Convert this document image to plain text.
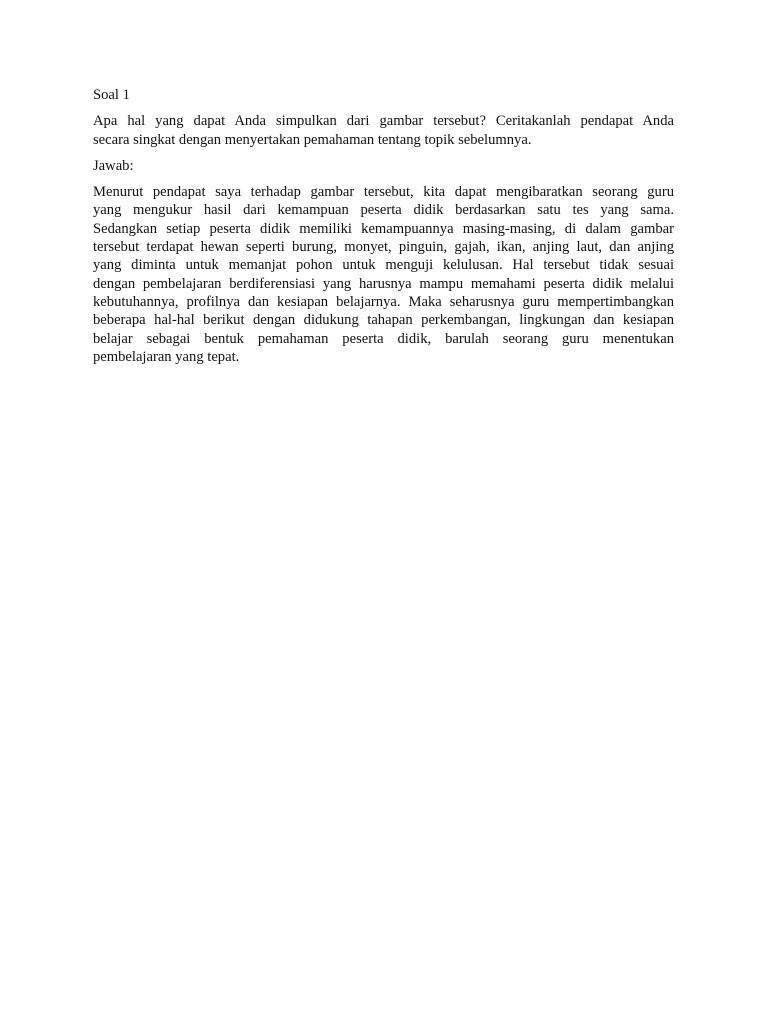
Soal 1

Apa hal yang dapat Anda simpulkan dari gambar tersebut? Ceritakanlah pendapat Anda
secara singkat dengan menyertakan pemahaman tentang topik sebelumnya.

Jawab:

Menurut pendapat saya terhadap gambar tersebut, kita dapat mengibaratkan seorang guru
yang mengukur hasil dari kemampuan peserta didik berdasarkan satu tes yang sama.
Sedangkan setiap peserta didik memiliki kemampuannya masing-masing, di dalam gambar
tersebut terdapat hewan seperti burung, monyet, pinguin, gajah, ikan, anjing laut, dan anjing
yang diminta untuk memanjat pohon untuk menguji kelulusan. Hal tersebut tidak sesuai
dengan pembelajaran berdiferensiasi yang harusnya mampu memahami peserta didik melalui
kebutuhannya, profilnya dan kesiapan belajarnya. Maka seharusnya guru mempertimbangkan
beberapa hal-hal berikut dengan didukung tahapan perkembangan, lingkungan dan kesiapan
belajar sebagai bentuk pemahaman peserta didik, barulah seorang guru menentukan
pembelajaran yang tepat.
